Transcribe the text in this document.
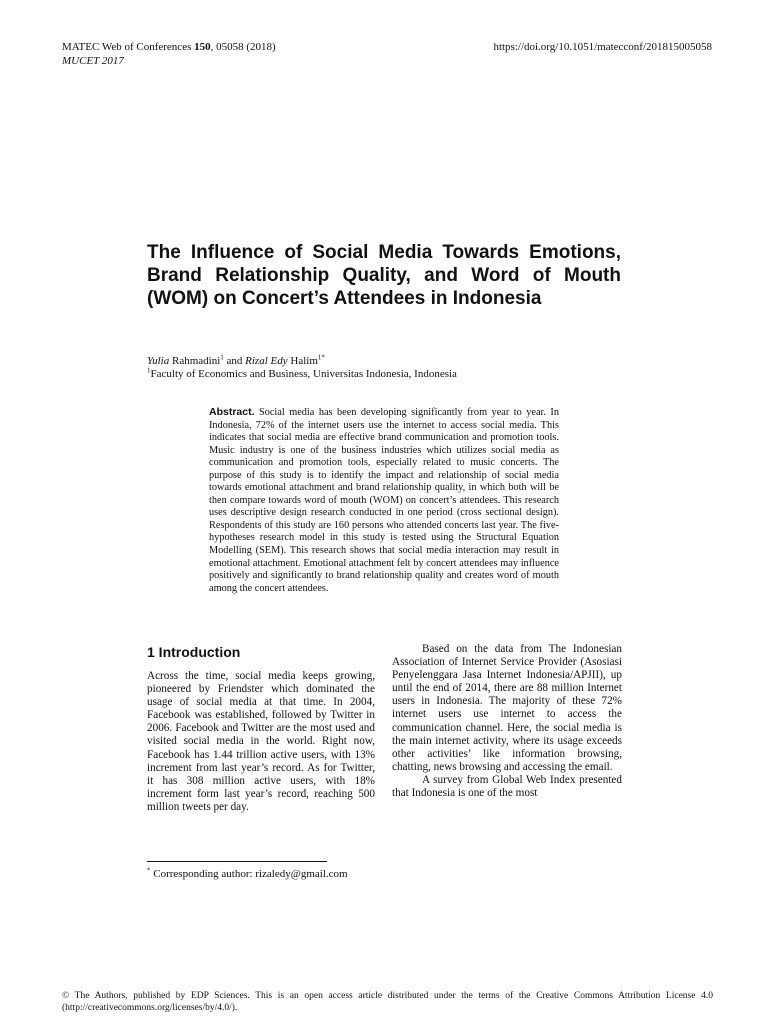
MATEC Web of Conferences 150, 05058 (2018)
MUCET 2017
https://doi.org/10.1051/matecconf/201815005058
The Influence of Social Media Towards Emotions, Brand Relationship Quality, and Word of Mouth (WOM) on Concert’s Attendees in Indonesia
Yulia Rahmadini$^1$ and Rizal Edy Halim$^{1*}$
$^1$Faculty of Economics and Business, Universitas Indonesia, Indonesia

Abstract. Social media has been developing significantly from year to year. In Indonesia, 72% of the internet users use the internet to access social media. This indicates that social media are effective brand communication and promotion tools. Music industry is one of the business industries which utilizes social media as communication and promotion tools, especially related to music concerts. The purpose of this study is to identify the impact and relationship of social media towards emotional attachment and brand relationship quality, in which both will be then compare towards word of mouth (WOM) on concert’s attendees. This research uses descriptive design research conducted in one period (cross sectional design). Respondents of this study are 160 persons who attended concerts last year. The five-hypotheses research model in this study is tested using the Structural Equation Modelling (SEM). This research shows that social media interaction may result in emotional attachment. Emotional attachment felt by concert attendees may influence positively and significantly to brand relationship quality and creates word of mouth among the concert attendees.

1 Introduction

Across the time, social media keeps growing, pioneered by Friendster which dominated the usage of social media at that time. In 2004, Facebook was established, followed by Twitter in 2006. Facebook and Twitter are the most used and visited social media in the world. Right now, Facebook has 1.44 trillion active users, with 13% increment from last year’s record. As for Twitter, it has 308 million active users, with 18% increment form last year’s record, reaching 500 million tweets per day.

Based on the data from The Indonesian Association of Internet Service Provider (Asosiasi Penyelenggara Jasa Internet Indonesia/APJII), up until the end of 2014, there are 88 million Internet users in Indonesia. The majority of these 72% internet users use internet to access the communication channel. Here, the social media is the main internet activity, where its usage exceeds other activities’ like information browsing, chatting, news browsing and accessing the email.

A survey from Global Web Index presented that Indonesia is one of the most

* Corresponding author: rizaledy@gmail.com

© The Authors, published by EDP Sciences. This is an open access article distributed under the terms of the Creative Commons Attribution License 4.0 (http://creativecommons.org/licenses/by/4.0/).
